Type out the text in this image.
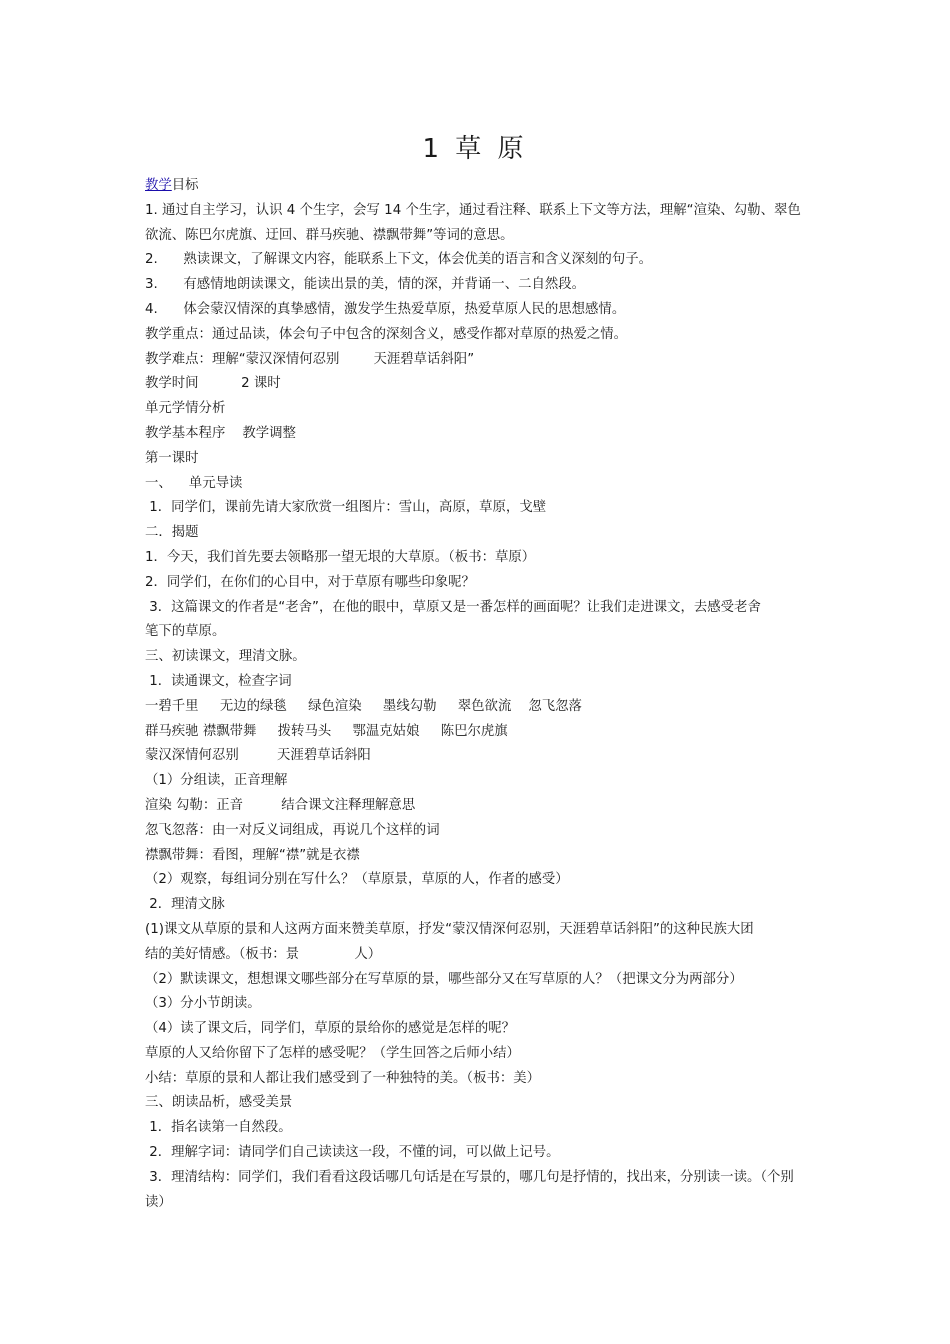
1 草 原
教学目标
1. 通过自主学习，认识 4 个生字，会写 14 个生字，通过看注释、联系上下文等方法，理解“渲染、勾勒、翠色
欲流、陈巴尔虎旗、迂回、群马疾驰、襟飘带舞”等词的意思。
2.      熟读课文，了解课文内容，能联系上下文，体会优美的语言和含义深刻的句子。
3.      有感情地朗读课文，能读出景的美，情的深，并背诵一、二自然段。
4.      体会蒙汉情深的真挚感情，激发学生热爱草原，热爱草原人民的思想感情。
教学重点：通过品读，体会句子中包含的深刻含义，感受作都对草原的热爱之情。
教学难点：理解“蒙汉深情何忍别        天涯碧草话斜阳”
教学时间          2 课时
单元学情分析
教学基本程序    教学调整
第一课时
一、    单元导读
1．同学们，课前先请大家欣赏一组图片：雪山，高原，草原，戈壁
二．揭题
1．今天，我们首先要去领略那一望无垠的大草原。（板书：草原）
2．同学们，在你们的心目中，对于草原有哪些印象呢？
3．这篇课文的作者是“老舍”，在他的眼中，草原又是一番怎样的画面呢？让我们走进课文，去感受老舍
笔下的草原。
三、初读课文，理清文脉。
1．读通课文，检查字词
一碧千里     无边的绿毯     绿色渲染     墨线勾勒     翠色欲流    忽飞忽落
群马疾驰 襟飘带舞     拨转马头     鄂温克姑娘     陈巴尔虎旗
蒙汉深情何忍别         天涯碧草话斜阳
（1）分组读，正音理解
渲染 勾勒：正音         结合课文注释理解意思
忽飞忽落：由一对反义词组成，再说几个这样的词
襟飘带舞：看图，理解“襟”就是衣襟
（2）观察，每组词分别在写什么？（草原景，草原的人，作者的感受）
2．理清文脉
(1)课文从草原的景和人这两方面来赞美草原，抒发“蒙汉情深何忍别，天涯碧草话斜阳”的这种民族大团
结的美好情感。（板书：景             人）
（2）默读课文，想想课文哪些部分在写草原的景，哪些部分又在写草原的人？（把课文分为两部分）
（3）分小节朗读。
（4）读了课文后，同学们，草原的景给你的感觉是怎样的呢？
草原的人又给你留下了怎样的感受呢？（学生回答之后师小结）
小结：草原的景和人都让我们感受到了一种独特的美。（板书：美）
三、朗读品析，感受美景
1．指名读第一自然段。
2．理解字词：请同学们自己读读这一段，不懂的词，可以做上记号。
3．理清结构：同学们，我们看看这段话哪几句话是在写景的，哪几句是抒情的，找出来，分别读一读。（个别
读）
